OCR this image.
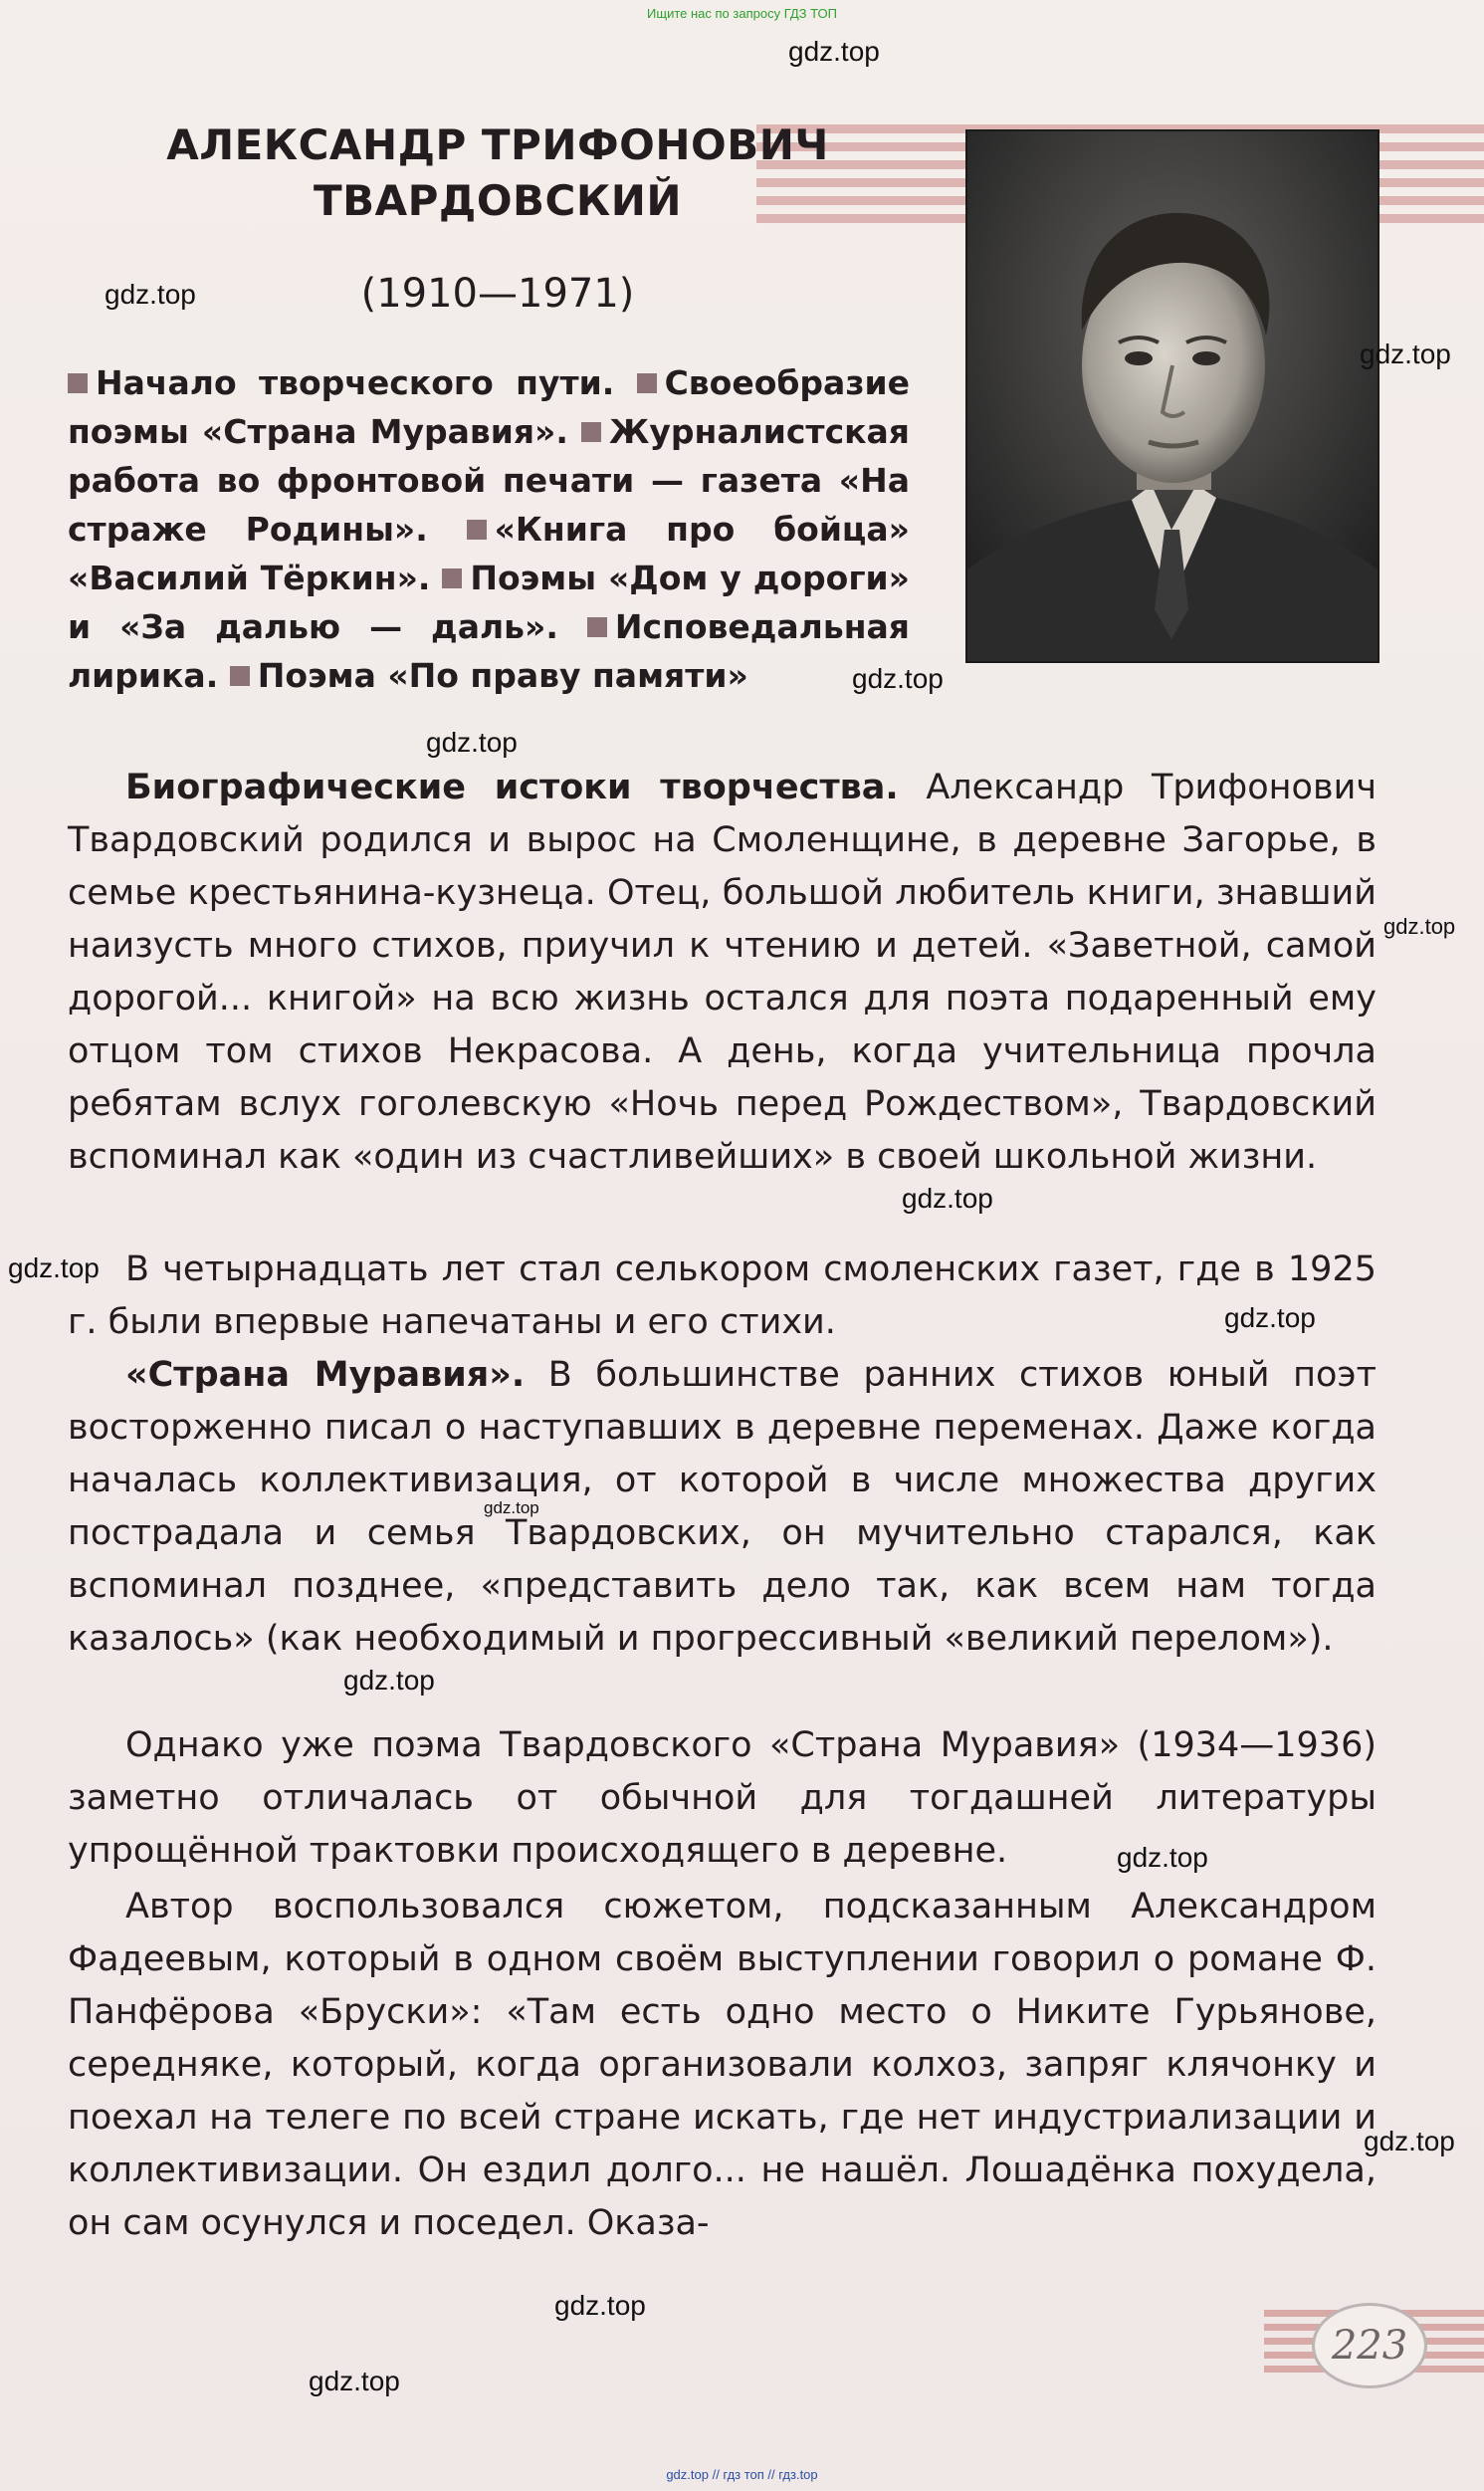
Ищите нас по запросу ГДЗ ТОП
АЛЕКСАНДР ТРИФОНОВИЧ
ТВАРДОВСКИЙ
(1910—1971)
Начало творческого пути. Своеобразие поэмы «Страна Муравия». Журналистская работа во фронтовой печати — газета «На страже Родины». «Книга про бойца» «Василий Тёркин». Поэмы «Дом у дороги» и «За далью — даль». Исповедальная лирика. Поэма «По праву памяти»

Биографические истоки творчества. Александр Трифонович Твардовский родился и вырос на Смоленщине, в деревне Загорье, в семье крестьянина-кузнеца. Отец, большой любитель книги, знавший наизусть много стихов, приучил к чтению и детей. «Заветной, самой дорогой... книгой» на всю жизнь остался для поэта подаренный ему отцом том стихов Некрасова. А день, когда учительница прочла ребятам вслух гоголевскую «Ночь перед Рождеством», Твардовский вспоминал как «один из счастливейших» в своей школьной жизни.

В четырнадцать лет стал селькором смоленских газет, где в 1925 г. были впервые напечатаны и его стихи.

«Страна Муравия». В большинстве ранних стихов юный поэт восторженно писал о наступавших в деревне переменах. Даже когда началась коллективизация, от которой в числе множества других пострадала и семья Твардовских, он мучительно старался, как вспоминал позднее, «представить дело так, как всем нам тогда казалось» (как необходимый и прогрессивный «великий перелом»).

Однако уже поэма Твардовского «Страна Муравия» (1934—1936) заметно отличалась от обычной для тогдашней литературы упрощённой трактовки происходящего в деревне.

Автор воспользовался сюжетом, подсказанным Александром Фадеевым, который в одном своём выступлении говорил о романе Ф. Панфёрова «Бруски»: «Там есть одно место о Никите Гурьянове, середняке, который, когда организовали колхоз, запряг клячонку и поехал на телеге по всей стране искать, где нет индустриализации и коллективизации. Он ездил долго... не нашёл. Лошадёнка похудела, он сам осунулся и поседел. Оказа-

gdz.top
gdz.top
gdz.top
gdz.top
gdz.top
gdz.top
gdz.top
gdz.top
gdz.top
gdz.top
gdz.top
gdz.top
gdz.top
gdz.top
gdz.top
223
gdz.top // гдз топ // гдз.top
